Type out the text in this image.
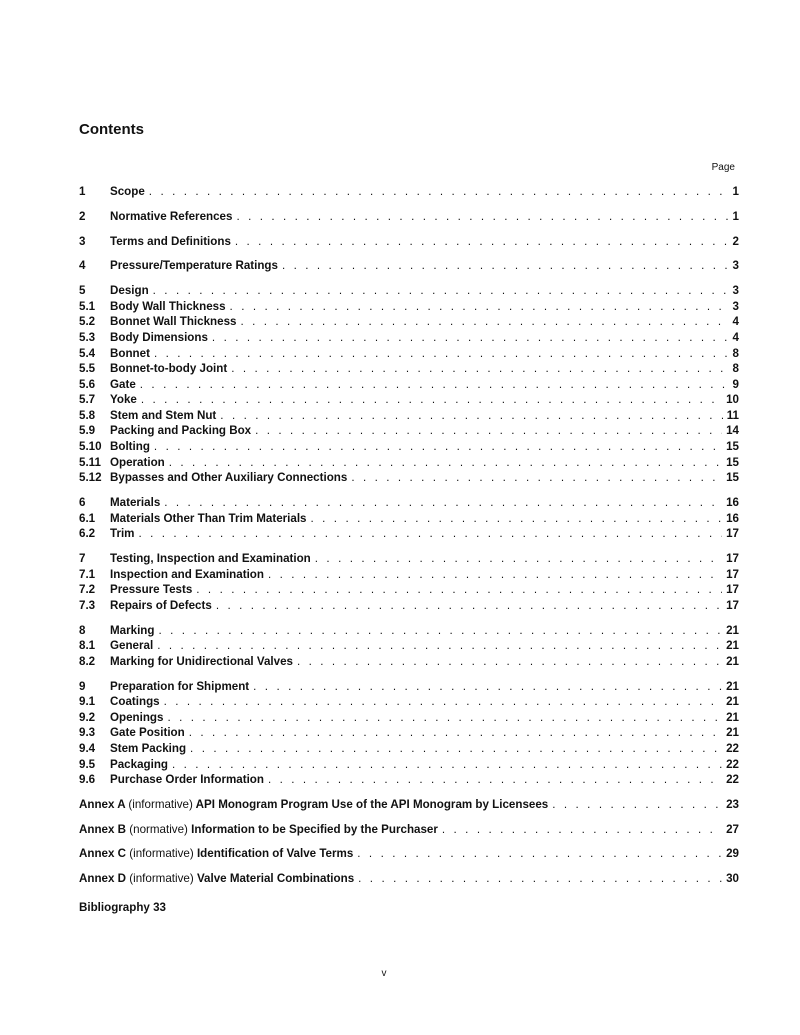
Contents
Page
1	Scope . . .	1
2	Normative References . . .	1
3	Terms and Definitions . . .	2
4	Pressure/Temperature Ratings . . .	3
5	Design . . .	3
5.1	Body Wall Thickness . . .	3
5.2	Bonnet Wall Thickness . . .	4
5.3	Body Dimensions . . .	4
5.4	Bonnet . . .	8
5.5	Bonnet-to-body Joint . . .	8
5.6	Gate . . .	9
5.7	Yoke . . .	10
5.8	Stem and Stem Nut . . .	11
5.9	Packing and Packing Box . . .	14
5.10 Bolting . . .	15
5.11 Operation . . .	15
5.12 Bypasses and Other Auxiliary Connections . . .	15
6	Materials . . .	16
6.1	Materials Other Than Trim Materials . . .	16
6.2	Trim . . .	17
7	Testing, Inspection and Examination . . .	17
7.1	Inspection and Examination . . .	17
7.2	Pressure Tests . . .	17
7.3	Repairs of Defects . . .	17
8	Marking . . .	21
8.1	General . . .	21
8.2	Marking for Unidirectional Valves . . .	21
9	Preparation for Shipment . . .	21
9.1	Coatings . . .	21
9.2	Openings . . .	21
9.3	Gate Position . . .	21
9.4	Stem Packing . . .	22
9.5	Packaging . . .	22
9.6	Purchase Order Information . . .	22
Annex A (informative) API Monogram Program Use of the API Monogram by Licensees . . .	23
Annex B (normative) Information to be Specified by the Purchaser . . .	27
Annex C (informative) Identification of Valve Terms . . .	29
Annex D (informative) Valve Material Combinations . . .	30
Bibliography 33
v
